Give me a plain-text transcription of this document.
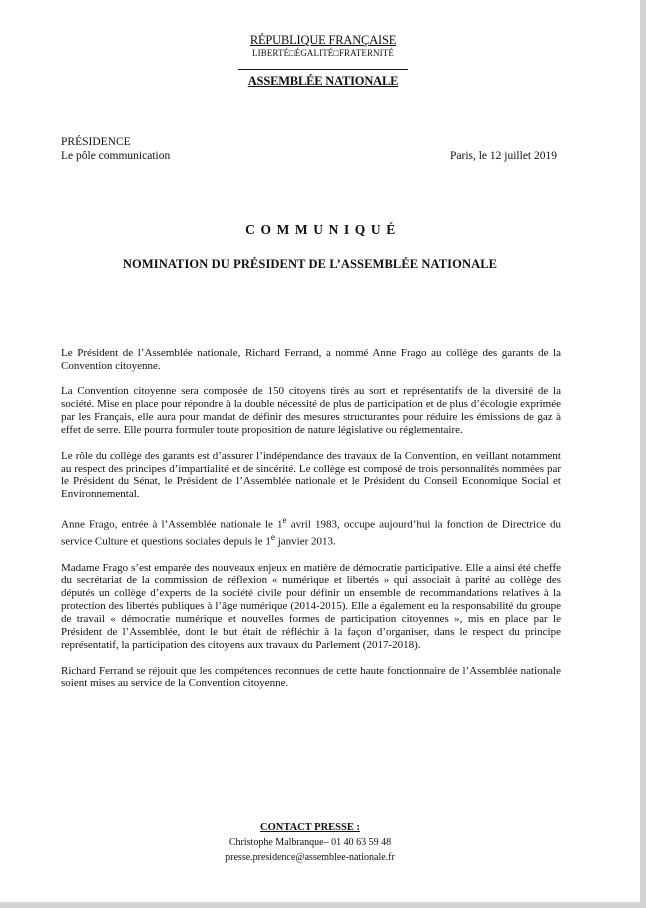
RÉPUBLIQUE FRANÇAISE
LIBERTÉ□ÉGALITÉ□FRATERNITÉ
ASSEMBLÉE NATIONALE
PRÉSIDENCE
Le pôle communication	Paris, le 12 juillet 2019
COMMUNIQUÉ
NOMINATION DU PRÉSIDENT DE L’ASSEMBLÉE NATIONALE

Le Président de l’Assemblée nationale, Richard Ferrand, a nommé Anne Frago au collège des garants de la Convention citoyenne.

La Convention citoyenne sera composée de 150 citoyens tirés au sort et représentatifs de la diversité de la société. Mise en place pour répondre à la double nécessité de plus de participation et de plus d’écologie exprimée par les Français, elle aura pour mandat de définir des mesures structurantes pour réduire les émissions de gaz à effet de serre. Elle pourra formuler toute proposition de nature législative ou réglementaire.

Le rôle du collège des garants est d’assurer l’indépendance des travaux de la Convention, en veillant notamment au respect des principes d’impartialité et de sincérité. Le collège est composé de trois personnalités nommées par le Président du Sénat, le Président de l’Assemblée nationale et le Président du Conseil Economique Social et Environnemental.

Anne Frago, entrée à l’Assemblée nationale le 1e avril 1983, occupe aujourd’hui la fonction de Directrice du service Culture et questions sociales depuis le 1e janvier 2013.

Madame Frago s’est emparée des nouveaux enjeux en matière de démocratie participative. Elle a ainsi été cheffe du secrétariat de la commission de réflexion « numérique et libertés » qui associait à parité au collège des députés un collège d’experts de la société civile pour définir un ensemble de recommandations relatives à la protection des libertés publiques à l’âge numérique (2014-2015). Elle a également eu la responsabilité du groupe de travail « démocratie numérique et nouvelles formes de participation citoyennes », mis en place par le Président de l’Assemblée, dont le but était de réfléchir à la façon d’organiser, dans le respect du principe représentatif, la participation des citoyens aux travaux du Parlement (2017-2018).

Richard Ferrand se réjouit que les compétences reconnues de cette haute fonctionnaire de l’Assemblée nationale soient mises au service de la Convention citoyenne.

CONTACT PRESSE :
Christophe Malbranque– 01 40 63 59 48
presse.presidence@assemblee-nationale.fr
